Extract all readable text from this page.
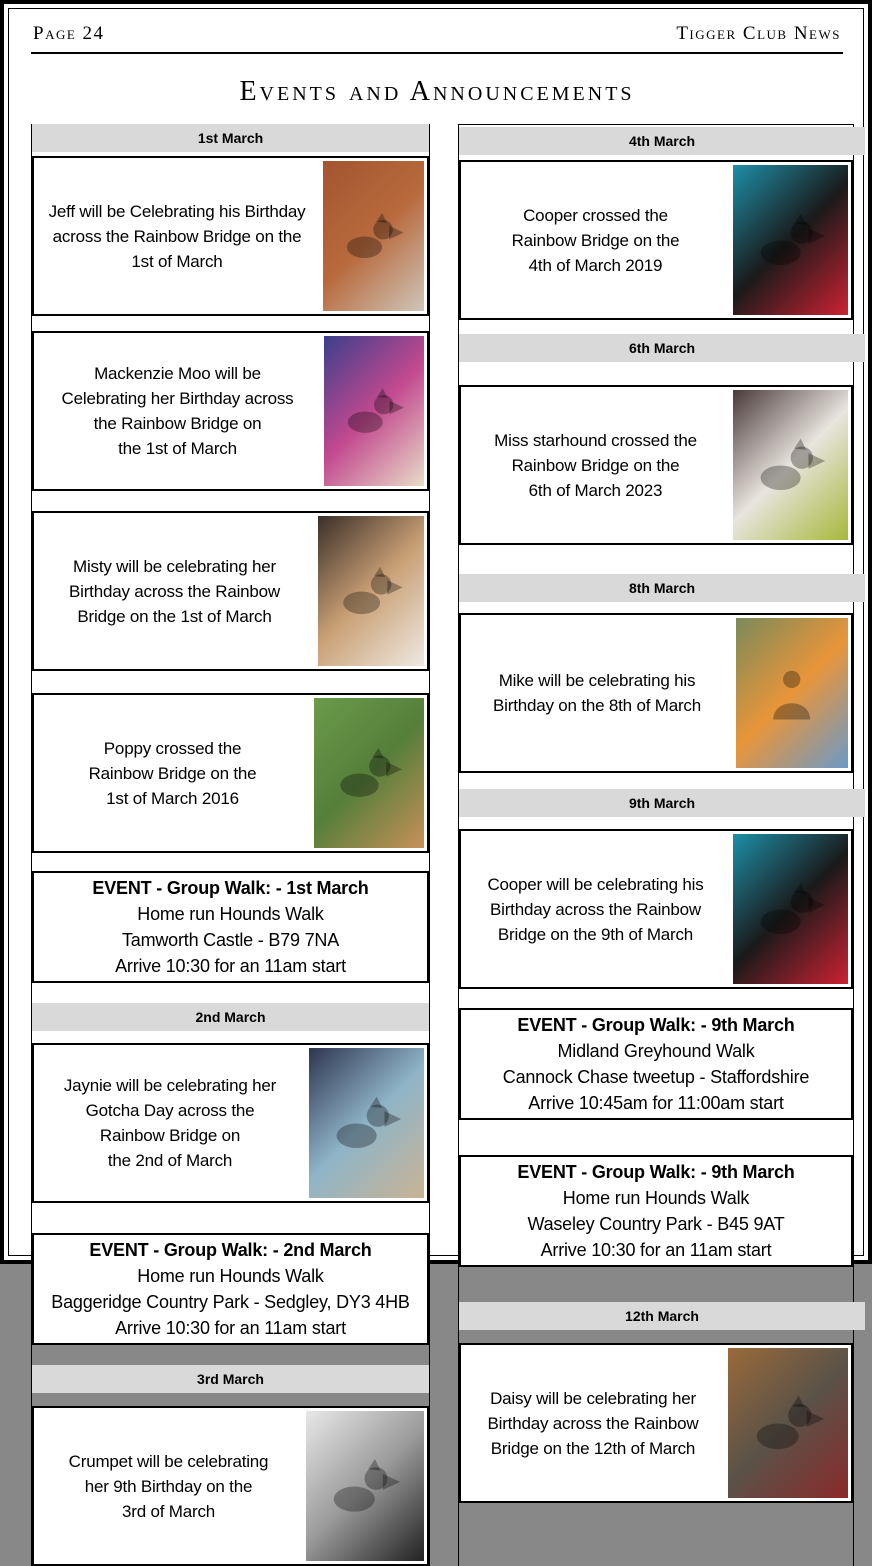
Page 24	Tigger Club News
Events and Announcements
1st March
Jeff will be Celebrating his Birthday
across the Rainbow Bridge on the
1st of March
Mackenzie Moo will be
Celebrating her Birthday across
the Rainbow Bridge on
the 1st of March
Misty will be celebrating her
Birthday across the Rainbow
Bridge on the 1st of March
Poppy crossed the
Rainbow Bridge on the
1st of March 2016
EVENT - Group Walk: - 1st March
Home run Hounds Walk
Tamworth Castle - B79 7NA
Arrive 10:30 for an 11am start
2nd March
Jaynie will be celebrating her
Gotcha Day across the
Rainbow Bridge on
the 2nd of March
EVENT - Group Walk: - 2nd March
Home run Hounds Walk
Baggeridge Country Park - Sedgley, DY3 4HB
Arrive 10:30 for an 11am start
3rd March
Crumpet will be celebrating
her 9th Birthday on the
3rd of March
4th March
Cooper crossed the
Rainbow Bridge on the
4th of March 2019
6th March
Miss starhound crossed the
Rainbow Bridge on the
6th of March 2023
8th March
Mike will be celebrating his
Birthday on the 8th of March
9th March
Cooper will be celebrating his
Birthday across the Rainbow
Bridge on the 9th of March
EVENT - Group Walk: - 9th March
Midland Greyhound Walk
Cannock Chase tweetup - Staffordshire
Arrive 10:45am for 11:00am start
EVENT - Group Walk: - 9th March
Home run Hounds Walk
Waseley Country Park - B45 9AT
Arrive 10:30 for an 11am start
12th March
Daisy will be celebrating her
Birthday across the Rainbow
Bridge on the 12th of March
